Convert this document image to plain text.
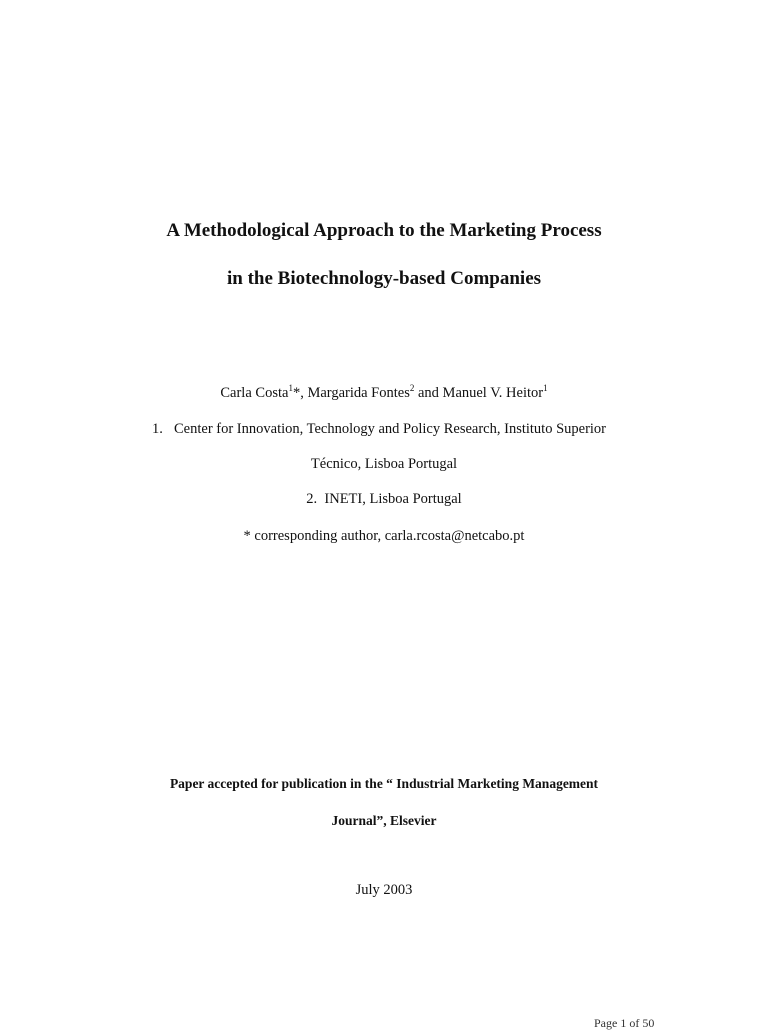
A Methodological Approach to the Marketing Process
in the Biotechnology-based Companies
Carla Costa$^1$*, Margarida Fontes$^2$ and Manuel V. Heitor$^1$
1. Center for Innovation, Technology and Policy Research, Instituto Superior
Técnico, Lisboa Portugal
2. INETI, Lisboa Portugal
* corresponding author, carla.rcosta@netcabo.pt
Paper accepted for publication in the “ Industrial Marketing Management
Journal”, Elsevier
July 2003
Page 1 of 50
